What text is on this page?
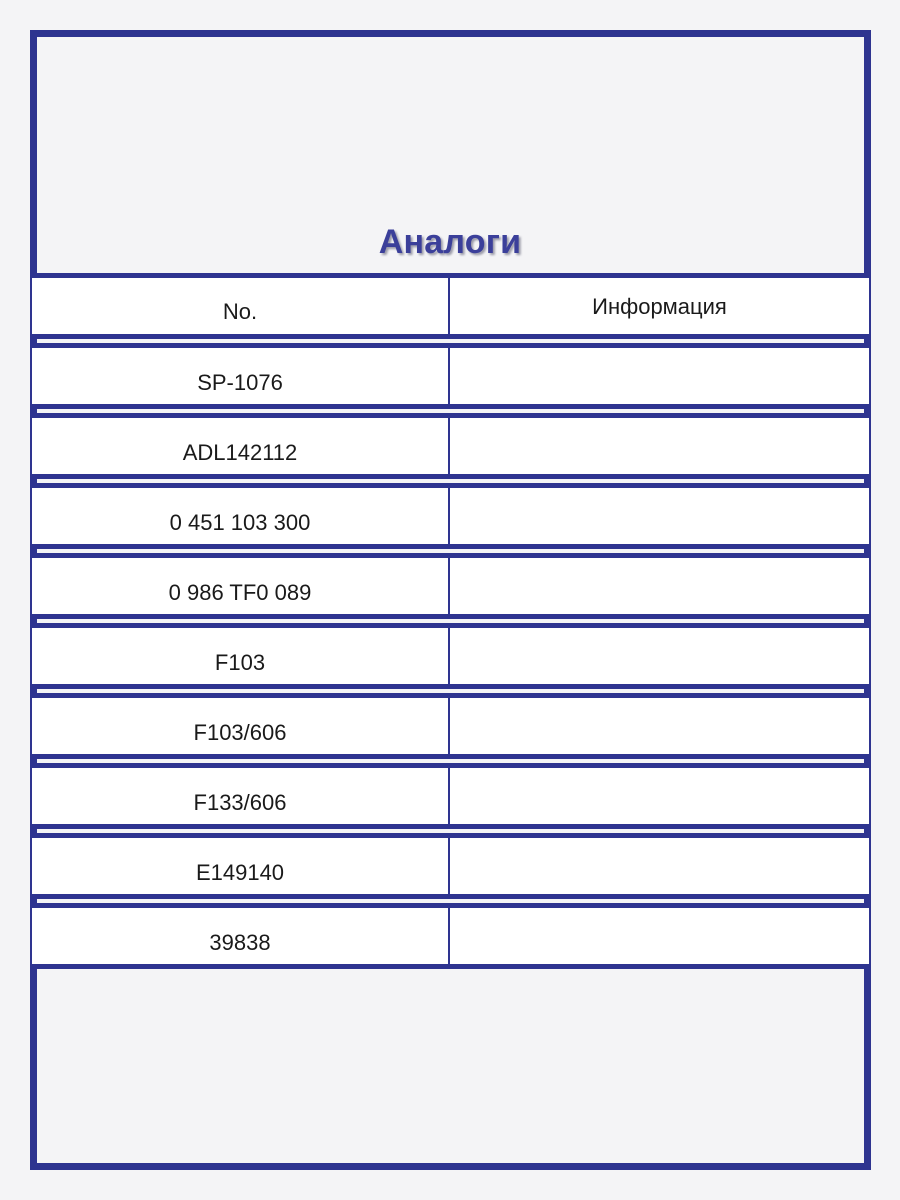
Аналоги
No.	Информация
SP-1076
ADL142112
0 451 103 300
0 986 TF0 089
F103
F103/606
F133/606
E149140
39838
